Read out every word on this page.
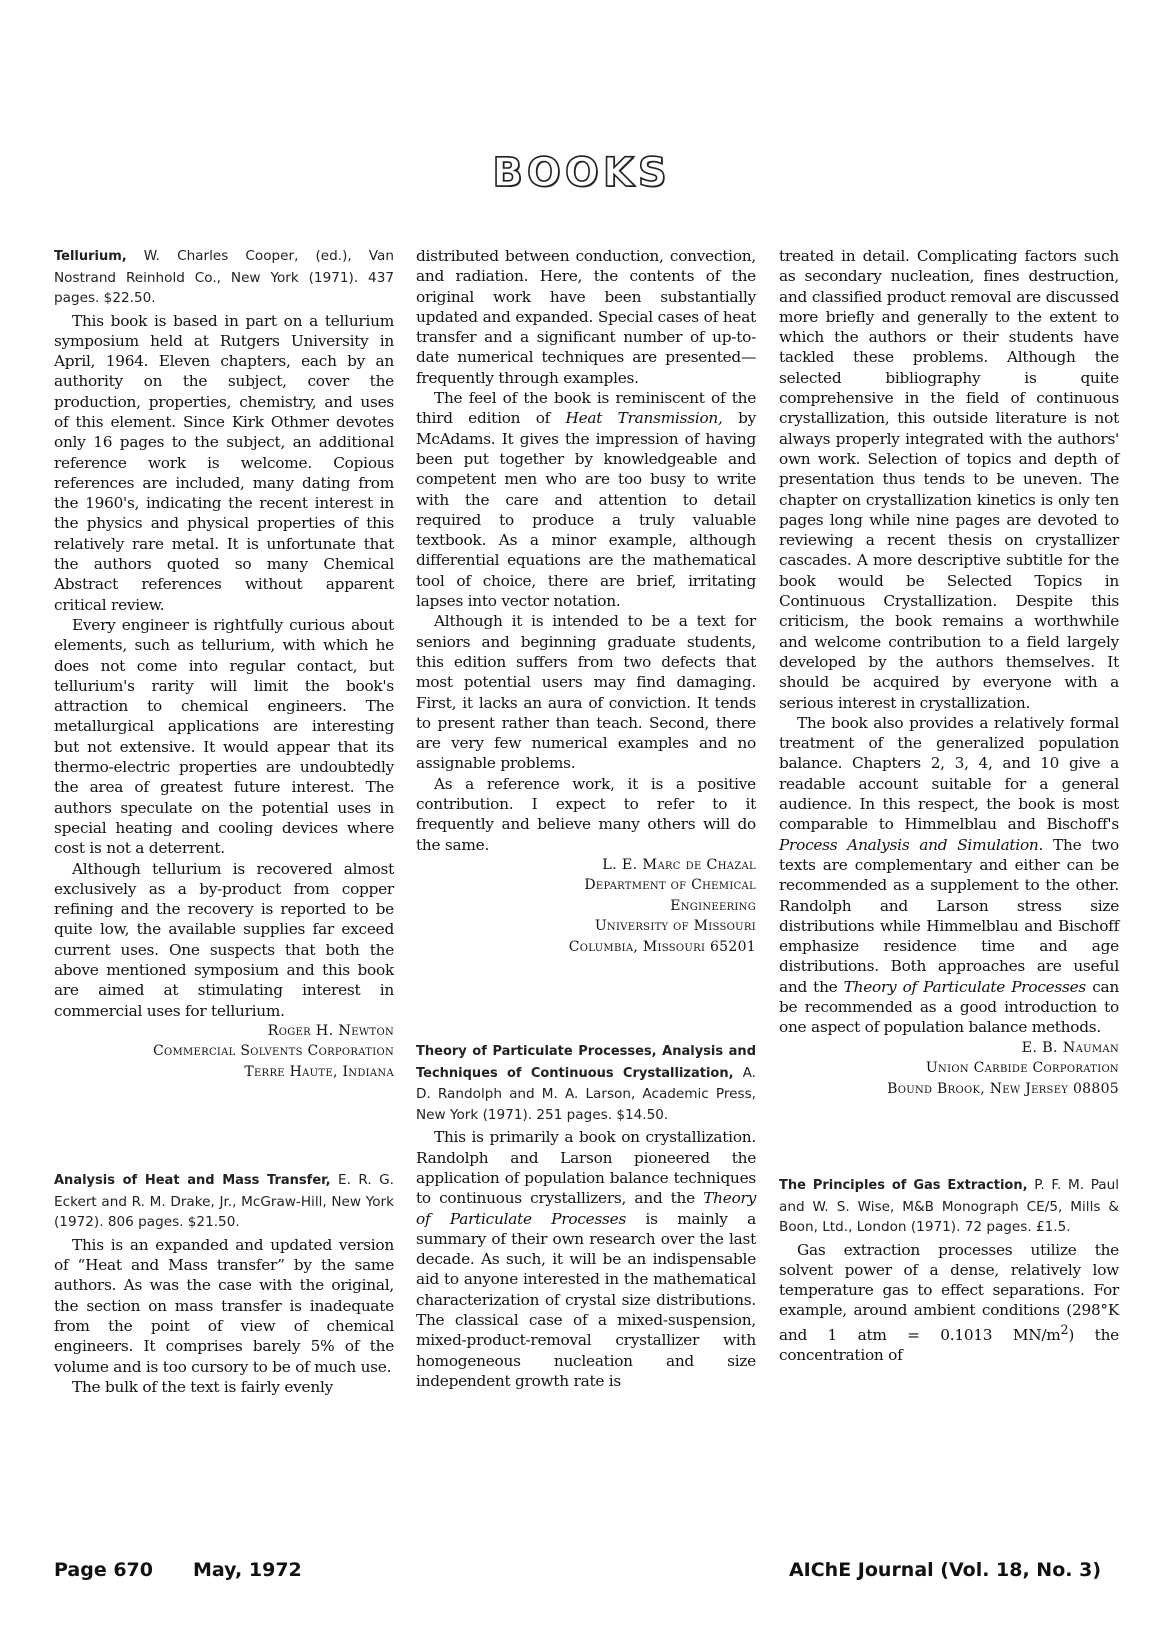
BOOKS
Tellurium, W. Charles Cooper, (ed.), Van Nostrand Reinhold Co., New York (1971). 437 pages. $22.50.

This book is based in part on a tellurium symposium held at Rutgers University in April, 1964. Eleven chapters, each by an authority on the subject, cover the production, properties, chemistry, and uses of this element. Since Kirk Othmer devotes only 16 pages to the subject, an additional reference work is welcome. Copious references are included, many dating from the 1960's, indicating the recent interest in the physics and physical properties of this relatively rare metal. It is unfortunate that the authors quoted so many Chemical Abstract references without apparent critical review.

Every engineer is rightfully curious about elements, such as tellurium, with which he does not come into regular contact, but tellurium's rarity will limit the book's attraction to chemical engineers. The metallurgical applications are interesting but not extensive. It would appear that its thermo-electric properties are undoubtedly the area of greatest future interest. The authors speculate on the potential uses in special heating and cooling devices where cost is not a deterrent.

Although tellurium is recovered almost exclusively as a by-product from copper refining and the recovery is reported to be quite low, the available supplies far exceed current uses. One suspects that both the above mentioned symposium and this book are aimed at stimulating interest in commercial uses for tellurium.

Roger H. Newton

Commercial Solvents Corporation

Terre Haute, Indiana

Analysis of Heat and Mass Transfer, E. R. G. Eckert and R. M. Drake, Jr., McGraw-Hill, New York (1972). 806 pages. $21.50.

This is an expanded and updated version of “Heat and Mass transfer” by the same authors. As was the case with the original, the section on mass transfer is inadequate from the point of view of chemical engineers. It comprises barely 5% of the volume and is too cursory to be of much use.

The bulk of the text is fairly evenly

distributed between conduction, convection, and radiation. Here, the contents of the original work have been substantially updated and expanded. Special cases of heat transfer and a significant number of up-to-date numerical techniques are presented—frequently through examples.

The feel of the book is reminiscent of the third edition of Heat Transmission, by McAdams. It gives the impression of having been put together by knowledgeable and competent men who are too busy to write with the care and attention to detail required to produce a truly valuable textbook. As a minor example, although differential equations are the mathematical tool of choice, there are brief, irritating lapses into vector notation.

Although it is intended to be a text for seniors and beginning graduate students, this edition suffers from two defects that most potential users may find damaging. First, it lacks an aura of conviction. It tends to present rather than teach. Second, there are very few numerical examples and no assignable problems.

As a reference work, it is a positive contribution. I expect to refer to it frequently and believe many others will do the same.

L. E. Marc de Chazal

Department of Chemical

Engineering

University of Missouri

Columbia, Missouri 65201

Theory of Particulate Processes, Analysis and Techniques of Continuous Crystallization, A. D. Randolph and M. A. Larson, Academic Press, New York (1971). 251 pages. $14.50.

This is primarily a book on crystallization. Randolph and Larson pioneered the application of population balance techniques to continuous crystallizers, and the Theory of Particulate Processes is mainly a summary of their own research over the last decade. As such, it will be an indispensable aid to anyone interested in the mathematical characterization of crystal size distributions. The classical case of a mixed-suspension, mixed-product-removal crystallizer with homogeneous nucleation and size independent growth rate is

treated in detail. Complicating factors such as secondary nucleation, fines destruction, and classified product removal are discussed more briefly and generally to the extent to which the authors or their students have tackled these problems. Although the selected bibliography is quite comprehensive in the field of continuous crystallization, this outside literature is not always properly integrated with the authors' own work. Selection of topics and depth of presentation thus tends to be uneven. The chapter on crystallization kinetics is only ten pages long while nine pages are devoted to reviewing a recent thesis on crystallizer cascades. A more descriptive subtitle for the book would be Selected Topics in Continuous Crystallization. Despite this criticism, the book remains a worthwhile and welcome contribution to a field largely developed by the authors themselves. It should be acquired by everyone with a serious interest in crystallization.

The book also provides a relatively formal treatment of the generalized population balance. Chapters 2, 3, 4, and 10 give a readable account suitable for a general audience. In this respect, the book is most comparable to Himmelblau and Bischoff's Process Analysis and Simulation. The two texts are complementary and either can be recommended as a supplement to the other. Randolph and Larson stress size distributions while Himmelblau and Bischoff emphasize residence time and age distributions. Both approaches are useful and the Theory of Particulate Processes can be recommended as a good introduction to one aspect of population balance methods.

E. B. Nauman

Union Carbide Corporation

Bound Brook, New Jersey 08805

The Principles of Gas Extraction, P. F. M. Paul and W. S. Wise, M&B Monograph CE/5, Mills & Boon, Ltd., London (1971). 72 pages. £1.5.

Gas extraction processes utilize the solvent power of a dense, relatively low temperature gas to effect separations. For example, around ambient conditions (298°K and 1 atm = 0.1013 $MN/m^2$) the concentration of

Page 670 May, 1972	AIChE Journal (Vol. 18, No. 3)
